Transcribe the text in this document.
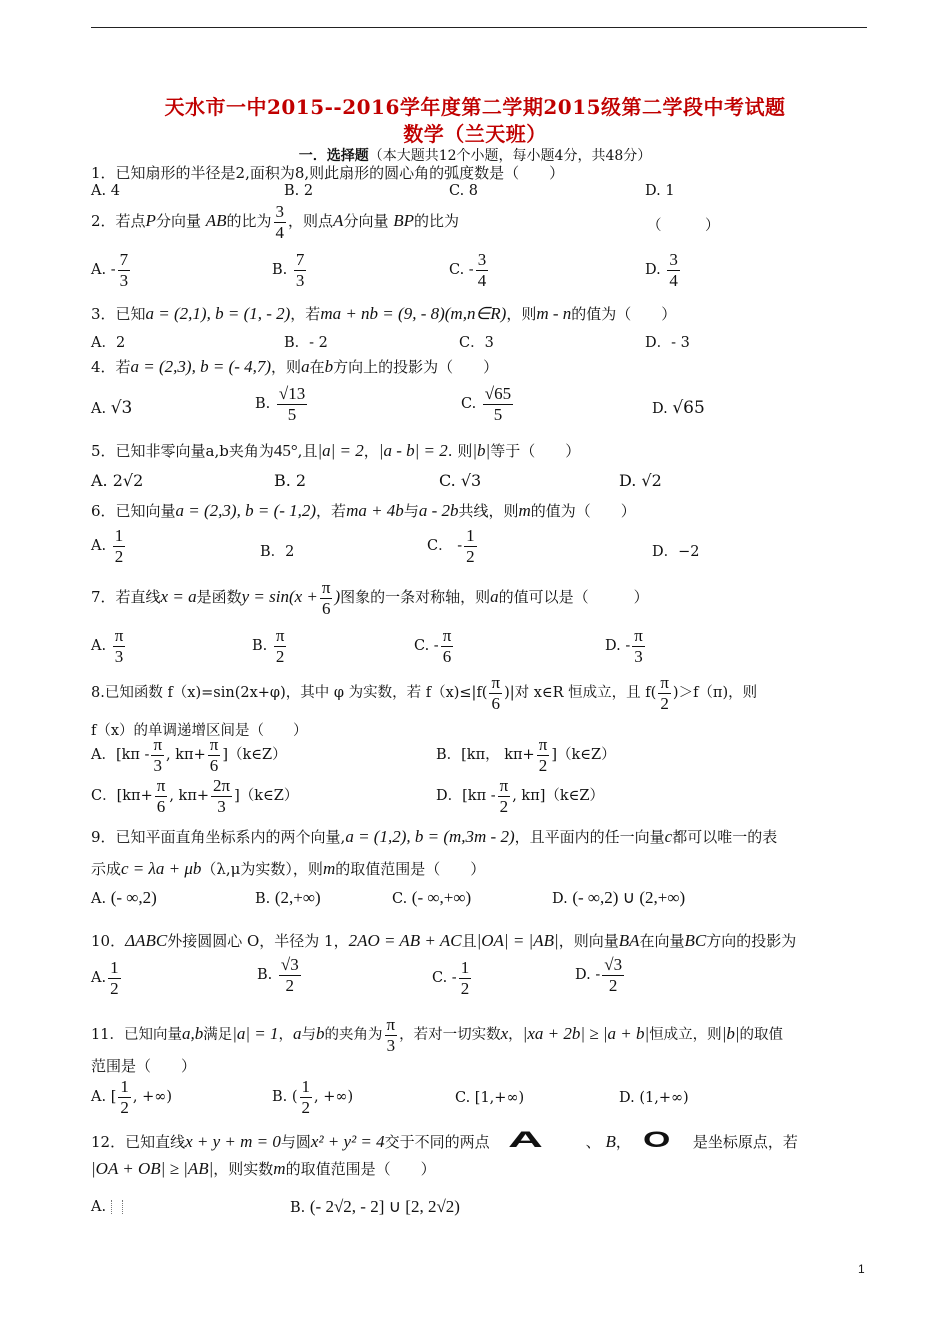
天水市一中2015--2016学年度第二学期2015级第二学段中考试题
数学（兰天班）
一．选择题（本大题共12个小题，每小题4分，共48分）
1．已知扇形的半径是2,面积为8,则此扇形的圆心角的弧度数是（　　）
A. 4	B. 2	C. 8	D. 1
2．若点P分向量 AB的比为 $\frac{3}{4}$ ，则点A分向量 BP的比为	（　　　）
A. - $\frac{7}{3}$	B. $\frac{7}{3}$	C. - $\frac{3}{4}$	D. $\frac{3}{4}$
3．已知a = (2,1), b = (1, - 2)，若ma + nb = (9, - 8)(m,n∈R)，则m - n的值为（　　）
A．2	B．- 2	C．3	D．- 3
4．若a = (2,3), b = (- 4,7)，则a在b方向上的投影为（　　）
A. √3	B. $\frac{√13}{5}$	C. $\frac{√65}{5}$	D. √65
5．已知非零向量a,b夹角为45°,且|a| = 2，|a - b| = 2. 则|b|等于（　　）
A. 2√2	B. 2	C. √3	D. √2
6．已知向量a = (2,3), b = (- 1,2)，若ma + 4b与a - 2b共线，则m的值为（　　）
A. $\frac{1}{2}$	B．2	C． - $\frac{1}{2}$	D．−2
7．若直线x = a是函数$y = \sin(x + \frac{\pi}{6}$ )图象的一条对称轴，则a的值可以是（　　　）
A. $\frac{\pi}{3}$	B. $\frac{\pi}{2}$	C. - $\frac{\pi}{6}$	D. - $\frac{\pi}{3}$
8.已知函数 f（x)=sin(2x+φ)，其中 φ 为实数，若 $f(x)\le|f( \frac{\pi}{6}$ )|对 x∈R 恒成立，且 $f( \frac{\pi}{2} )>f(\pi)$，则
f（x）的单调递增区间是（　　）
A．[$k\pi - \frac{\pi}{3}$ , $k\pi+ \frac{\pi}{6}$ ]（k∈Z）	B．[kπ， $k\pi+ \frac{\pi}{2}$ ]（k∈Z）
C．[$k\pi+ \frac{\pi}{6}$ , $k\pi+ \frac{2\pi}{3}$ ]（k∈Z）	D．[$k\pi - \frac{\pi}{2}$ , kπ]（k∈Z）
9．已知平面直角坐标系内的两个向量,a = (1,2), b = (m,3m - 2)，且平面内的任一向量c都可以唯一的表
示成c = λa + μb（λ,μ为实数），则m的取值范围是（　　）
A. (- ∞,2)	B. (2,+∞)	C. (- ∞,+∞)	D. (- ∞,2) ∪ (2,+∞)
10．ΔABC外接圆圆心 O，半径为 1，2AO = AB + AC且|OA| = |AB|，则向量BA在向量BC方向的投影为
A. $\frac{1}{2}$	B. $\frac{√3}{2}$	C. - $\frac{1}{2}$	D. - $\frac{√3}{2}$
11．已知向量a,b满足|a| = 1，a与b的夹角为 $\frac{\pi}{3}$ ，若对一切实数x，|xa + 2b| ≥ |a + b|恒成立，则|b|的取值
范围是（　　）
A. [ $\frac{1}{2}$ , +∞)	B. ( $\frac{1}{2}$ , +∞)	C. [1,+∞)	D. (1,+∞)
12．已知直线x + y + m = 0与圆x² + y² = 4交于不同的两点 A	、 B， O 是坐标原点，若
|OA + OB| ≥ |AB|，则实数m的取值范围是（　　）
A.	B. (- 2√2, - 2] ∪ [2, 2√2)
1
